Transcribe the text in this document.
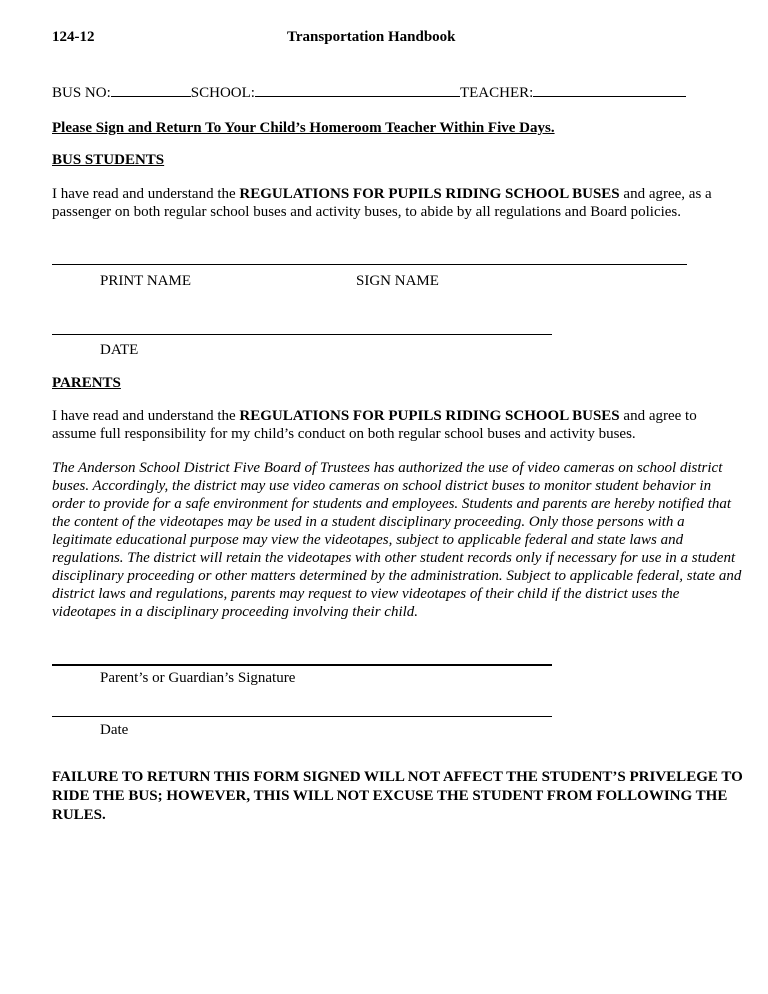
124-12	Transportation Handbook
BUS NO:	SCHOOL:	TEACHER:
Please Sign and Return To Your Child’s Homeroom Teacher Within Five Days.
BUS STUDENTS
I have read and understand the REGULATIONS FOR PUPILS RIDING SCHOOL BUSES and agree, as a passenger on both regular school buses and activity buses, to abide by all regulations and Board policies.
PRINT NAME	SIGN NAME
DATE
PARENTS
I have read and understand the REGULATIONS FOR PUPILS RIDING SCHOOL BUSES and agree to assume full responsibility for my child’s conduct on both regular school buses and activity buses.
The Anderson School District Five Board of Trustees has authorized the use of video cameras on school district buses. Accordingly, the district may use video cameras on school district buses to monitor student behavior in order to provide for a safe environment for students and employees. Students and parents are hereby notified that the content of the videotapes may be used in a student disciplinary proceeding. Only those persons with a legitimate educational purpose may view the videotapes, subject to applicable federal and state laws and regulations. The district will retain the videotapes with other student records only if necessary for use in a student disciplinary proceeding or other matters determined by the administration. Subject to applicable federal, state and district laws and regulations, parents may request to view videotapes of their child if the district uses the videotapes in a disciplinary proceeding involving their child.
Parent’s or Guardian’s Signature
Date
FAILURE TO RETURN THIS FORM SIGNED WILL NOT AFFECT THE STUDENT’S PRIVELEGE TO RIDE THE BUS; HOWEVER, THIS WILL NOT EXCUSE THE STUDENT FROM FOLLOWING THE RULES.
